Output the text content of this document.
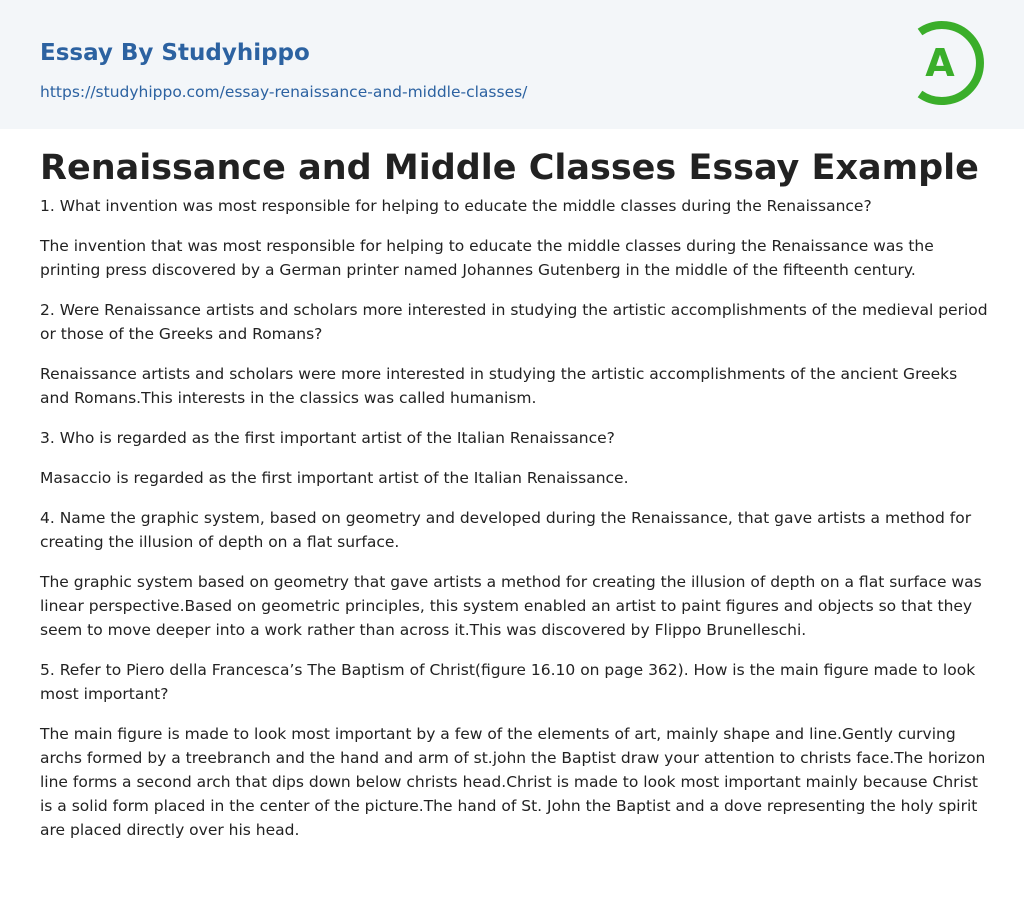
Essay By Studyhippo
https://studyhippo.com/essay-renaissance-and-middle-classes/
A
Renaissance and Middle Classes Essay Example

1. What invention was most responsible for helping to educate the middle classes during the Renaissance?

The invention that was most responsible for helping to educate the middle classes during the Renaissance was the printing press discovered by a German printer named Johannes Gutenberg in the middle of the fifteenth century.

2. Were Renaissance artists and scholars more interested in studying the artistic accomplishments of the medieval period or those of the Greeks and Romans?

Renaissance artists and scholars were more interested in studying the artistic accomplishments of the ancient Greeks and Romans.This interests in the classics was called humanism.

3. Who is regarded as the first important artist of the Italian Renaissance?

Masaccio is regarded as the first important artist of the Italian Renaissance.

4. Name the graphic system, based on geometry and developed during the Renaissance, that gave artists a method for creating the illusion of depth on a flat surface.

The graphic system based on geometry that gave artists a method for creating the illusion of depth on a flat surface was linear perspective.Based on geometric principles, this system enabled an artist to paint figures and objects so that they seem to move deeper into a work rather than across it.This was discovered by Flippo Brunelleschi.

5. Refer to Piero della Francesca’s The Baptism of Christ(figure 16.10 on page 362). How is the main figure made to look most important?

The main figure is made to look most important by a few of the elements of art, mainly shape and line.Gently curving archs formed by a treebranch and the hand and arm of st.john the Baptist draw your attention to christs face.The horizon line forms a second arch that dips down below christs head.Christ is made to look most important mainly because Christ is a solid form placed in the center of the picture.The hand of St. John the Baptist and a dove representing the holy spirit are placed directly over his head.
